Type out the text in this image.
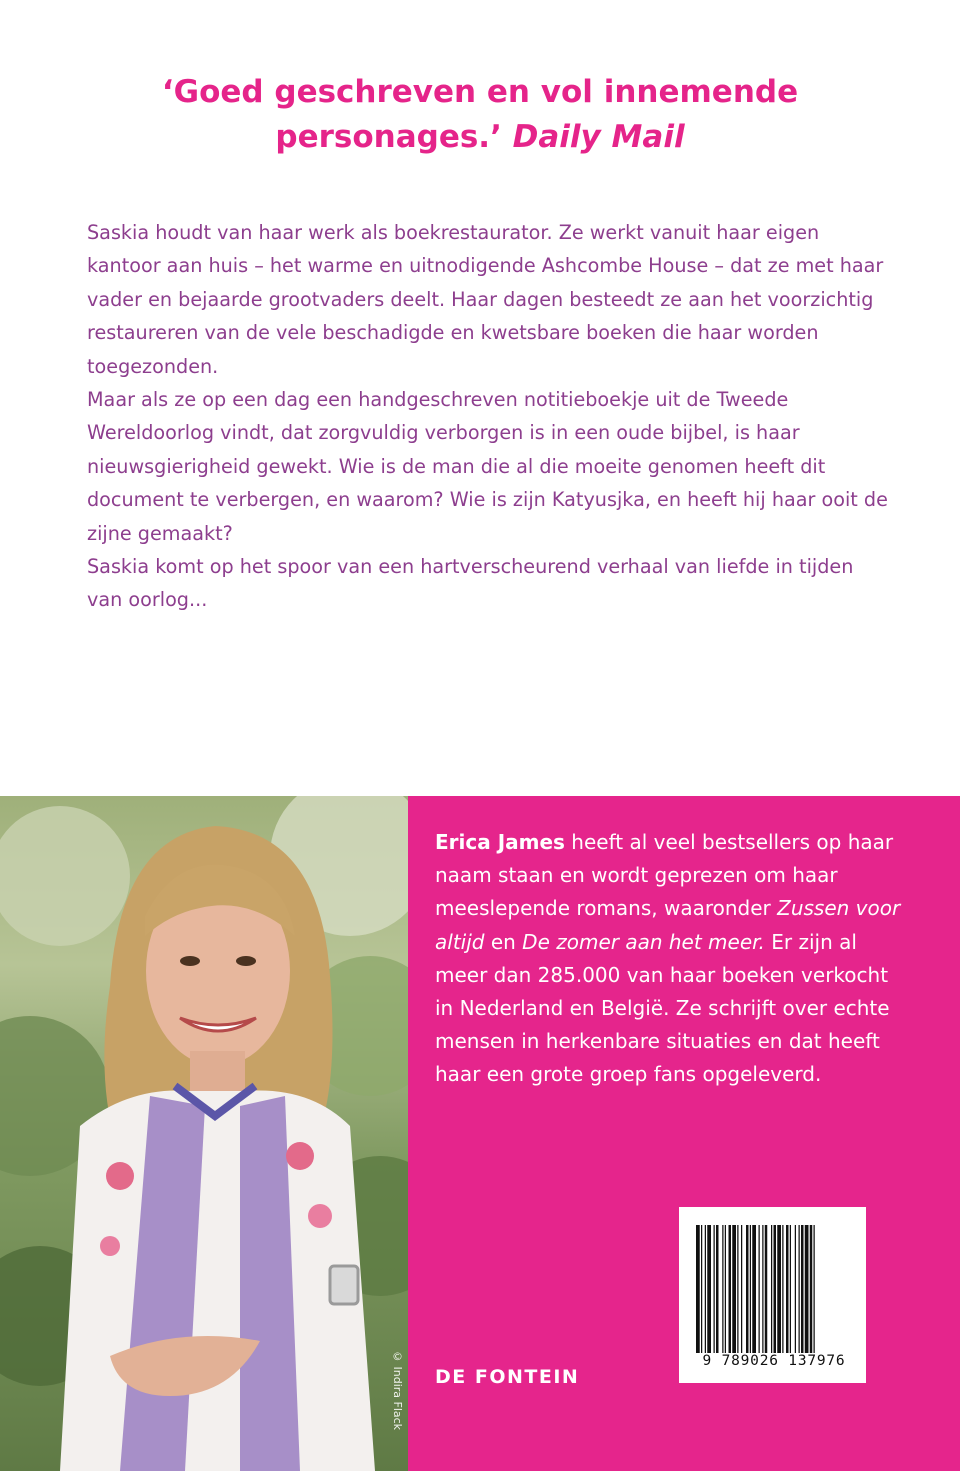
‘Goed geschreven en vol innemende
personages.’ Daily Mail

Saskia houdt van haar werk als boekrestaurator. Ze werkt vanuit haar eigen kantoor aan huis – het warme en uitnodigende Ashcombe House – dat ze met haar vader en bejaarde grootvaders deelt. Haar dagen besteedt ze aan het voorzichtig restaureren van de vele beschadigde en kwetsbare boeken die haar worden toegezonden.

Maar als ze op een dag een handgeschreven notitieboekje uit de Tweede Wereldoorlog vindt, dat zorgvuldig verborgen is in een oude bijbel, is haar nieuwsgierigheid gewekt. Wie is de man die al die moeite genomen heeft dit document te verbergen, en waarom? Wie is zijn Katyusjka, en heeft hij haar ooit de zijne gemaakt?

Saskia komt op het spoor van een hartverscheurend verhaal van liefde in tijden van oorlog...

© Indira Flack
Erica James heeft al veel bestsellers op haar naam staan en wordt geprezen om haar meeslepende romans, waaronder Zussen voor altijd en De zomer aan het meer. Er zijn al meer dan 285.000 van haar boeken verkocht in Nederland en België. Ze schrijft over echte mensen in herkenbare situaties en dat heeft haar een grote groep fans opgeleverd.
9 789026 137976
DE FONTEIN
